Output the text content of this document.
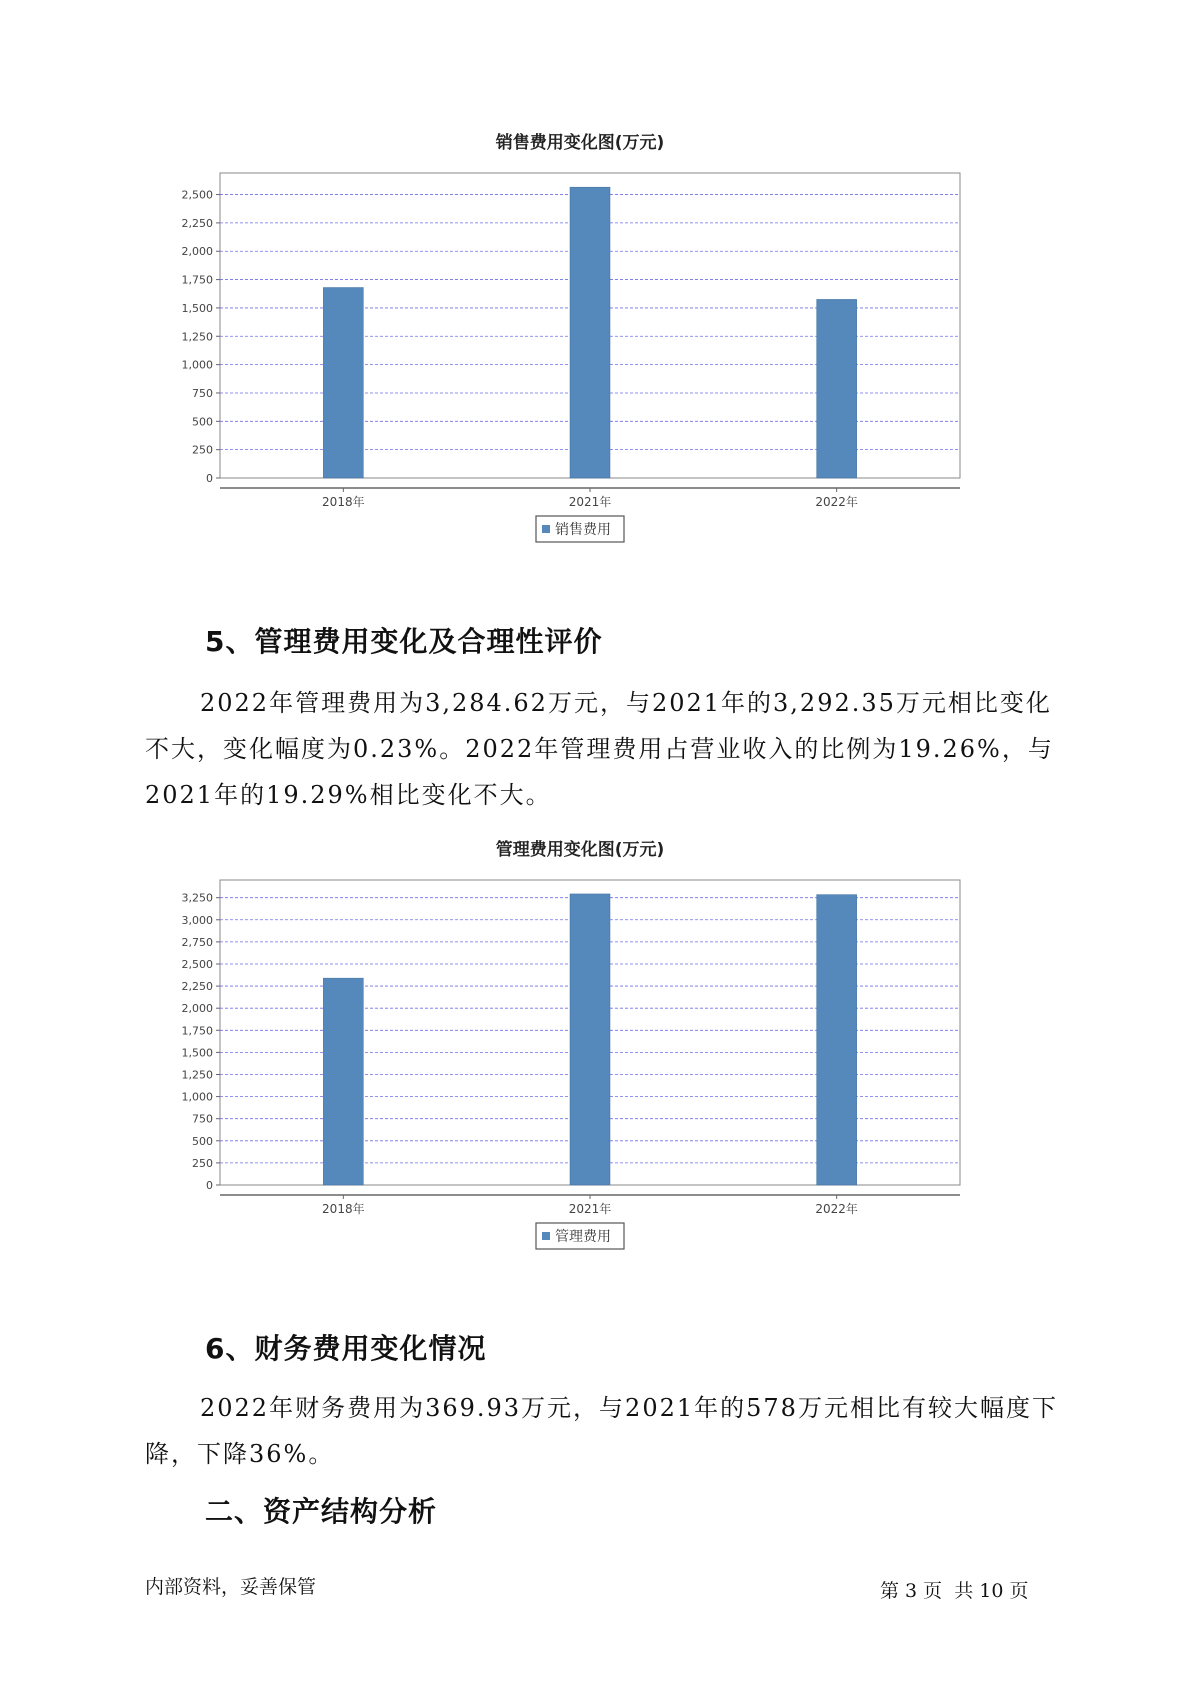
销售费用变化图(万元)
0
250
500
750
1,000
1,250
1,500
1,750
2,000
2,250
2,500
2018年	2021年	2022年
销售费用
5、管理费用变化及合理性评价

2022年管理费用为3,284.62万元，与2021年的3,292.35万元相比变化不大，变化幅度为0.23%。2022年管理费用占营业收入的比例为19.26%，与2021年的19.29%相比变化不大。

管理费用变化图(万元)
0
250
500
750
1,000
1,250
1,500
1,750
2,000
2,250
2,500
2,750
3,000
3,250
2018年	2021年	2022年
管理费用
6、财务费用变化情况

2022年财务费用为369.93万元，与2021年的578万元相比有较大幅度下降，下降36%。

二、资产结构分析
内部资料，妥善保管	第 3 页  共 10 页
